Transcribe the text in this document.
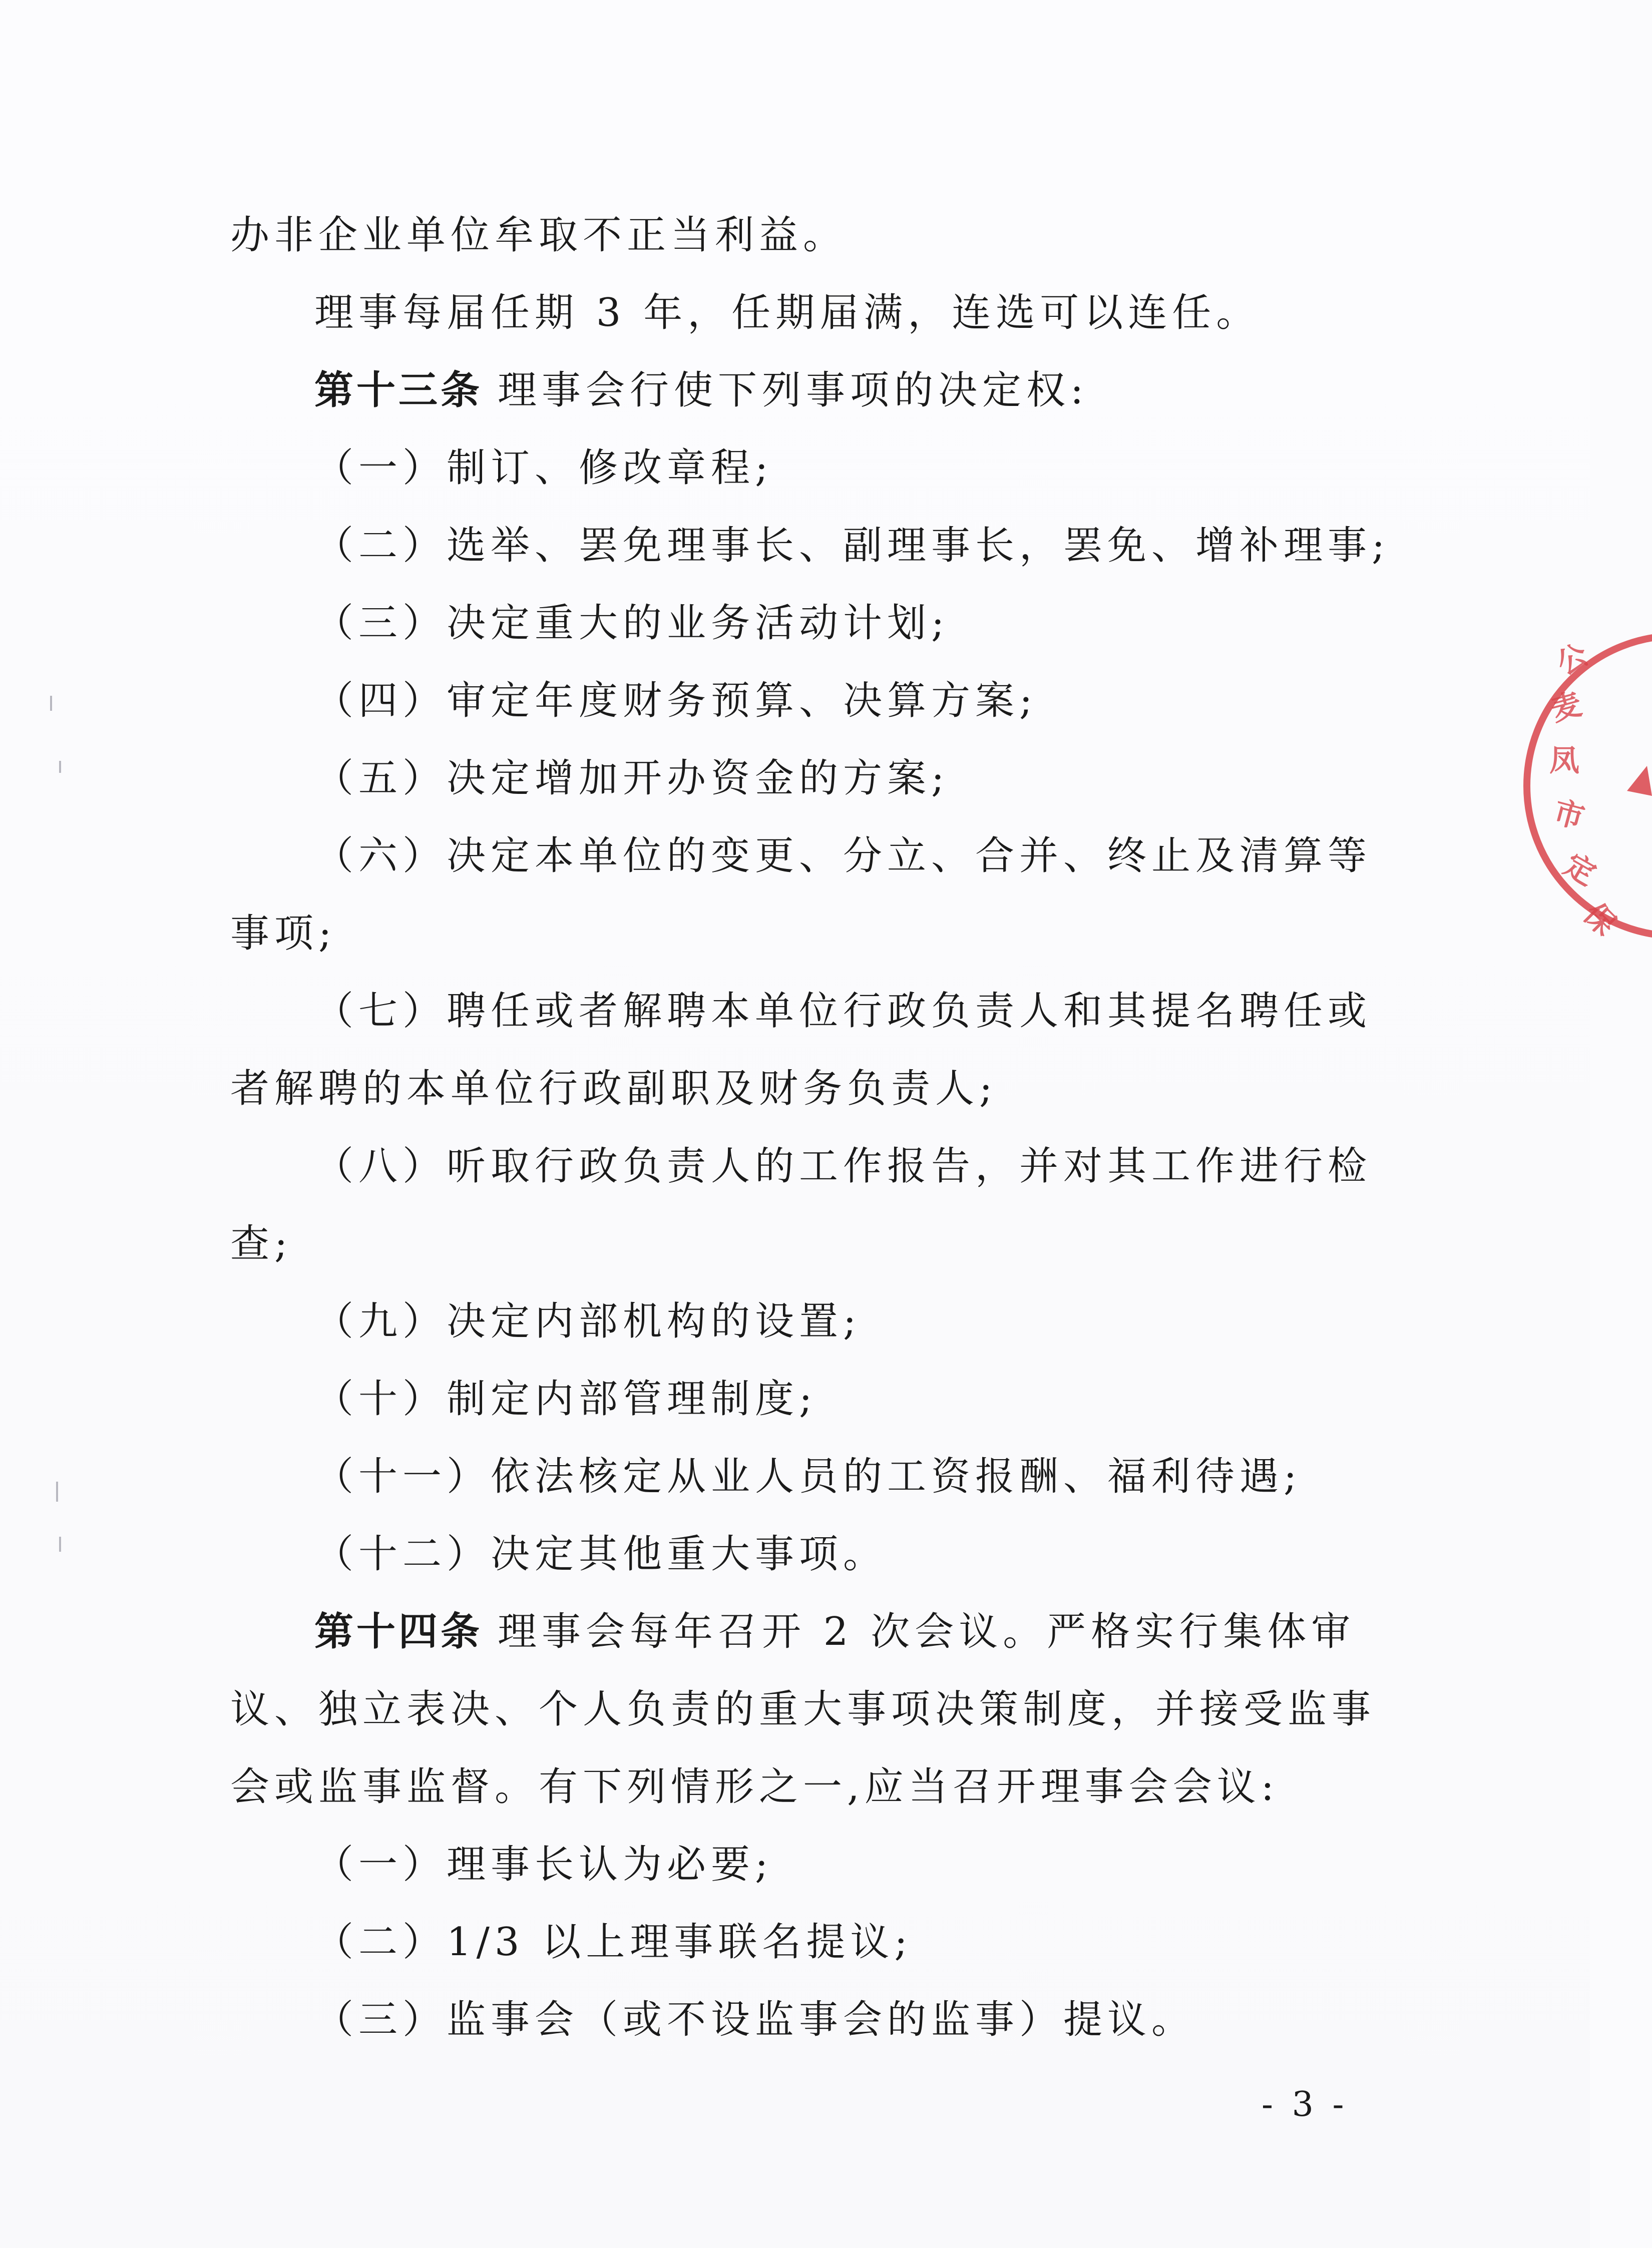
办非企业单位牟取不正当利益。
理事每届任期 3 年，任期届满，连选可以连任。
第十三条 理事会行使下列事项的决定权:
（一）制订、修改章程;
（二）选举、罢免理事长、副理事长，罢免、增补理事;
（三）决定重大的业务活动计划;
（四）审定年度财务预算、决算方案;
（五）决定增加开办资金的方案;
（六）决定本单位的变更、分立、合并、终止及清算等
事项;
（七）聘任或者解聘本单位行政负责人和其提名聘任或
者解聘的本单位行政副职及财务负责人;
（八）听取行政负责人的工作报告，并对其工作进行检
查;
（九）决定内部机构的设置;
（十）制定内部管理制度;
（十一）依法核定从业人员的工资报酬、福利待遇;
（十二）决定其他重大事项。
第十四条 理事会每年召开 2 次会议。严格实行集体审
议、独立表决、个人负责的重大事项决策制度，并接受监事
会或监事监督。有下列情形之一,应当召开理事会会议:
（一）理事长认为必要;
（二）1/3 以上理事联名提议;
（三）监事会（或不设监事会的监事）提议。
- 3 -
公
麦
凤
市
定
保
